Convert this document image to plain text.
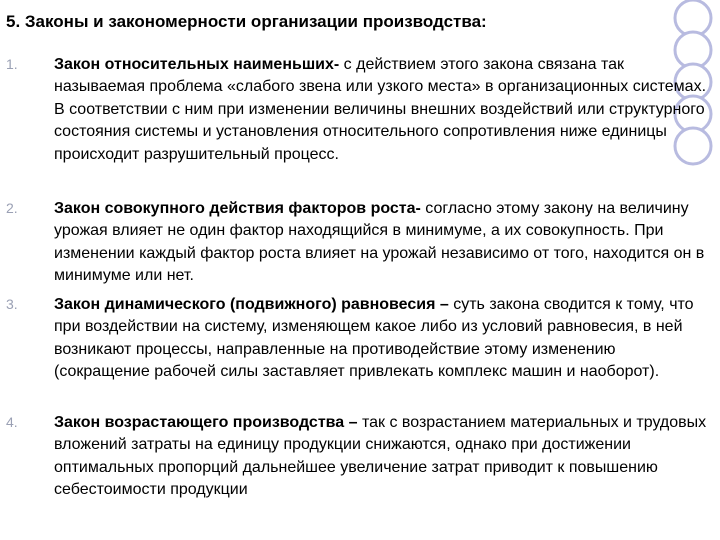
5. Законы и закономерности организации производства:
1. Закон относительных наименьших- с действием этого закона связана так называемая проблема «слабого звена или узкого места» в организационных системах. В соответствии с ним при изменении величины внешних воздействий или структурного состояния системы и установления относительного сопротивления ниже единицы происходит разрушительный процесс.
2. Закон совокупного действия факторов роста- согласно этому закону на величину урожая влияет не один фактор находящийся в минимуме, а их совокупность. При изменении каждый фактор роста влияет на урожай независимо от того, находится он в минимуме или нет.
3. Закон динамического (подвижного) равновесия – суть закона сводится к тому, что при воздействии на систему, изменяющем какое либо из условий равновесия, в ней возникают процессы, направленные на противодействие этому изменению (сокращение рабочей силы заставляет привлекать комплекс машин и наоборот).
4. Закон возрастающего производства – так с возрастанием материальных и трудовых вложений затраты на единицу продукции снижаются, однако при достижении оптимальных пропорций дальнейшее увеличение затрат приводит к повышению себестоимости продукции
